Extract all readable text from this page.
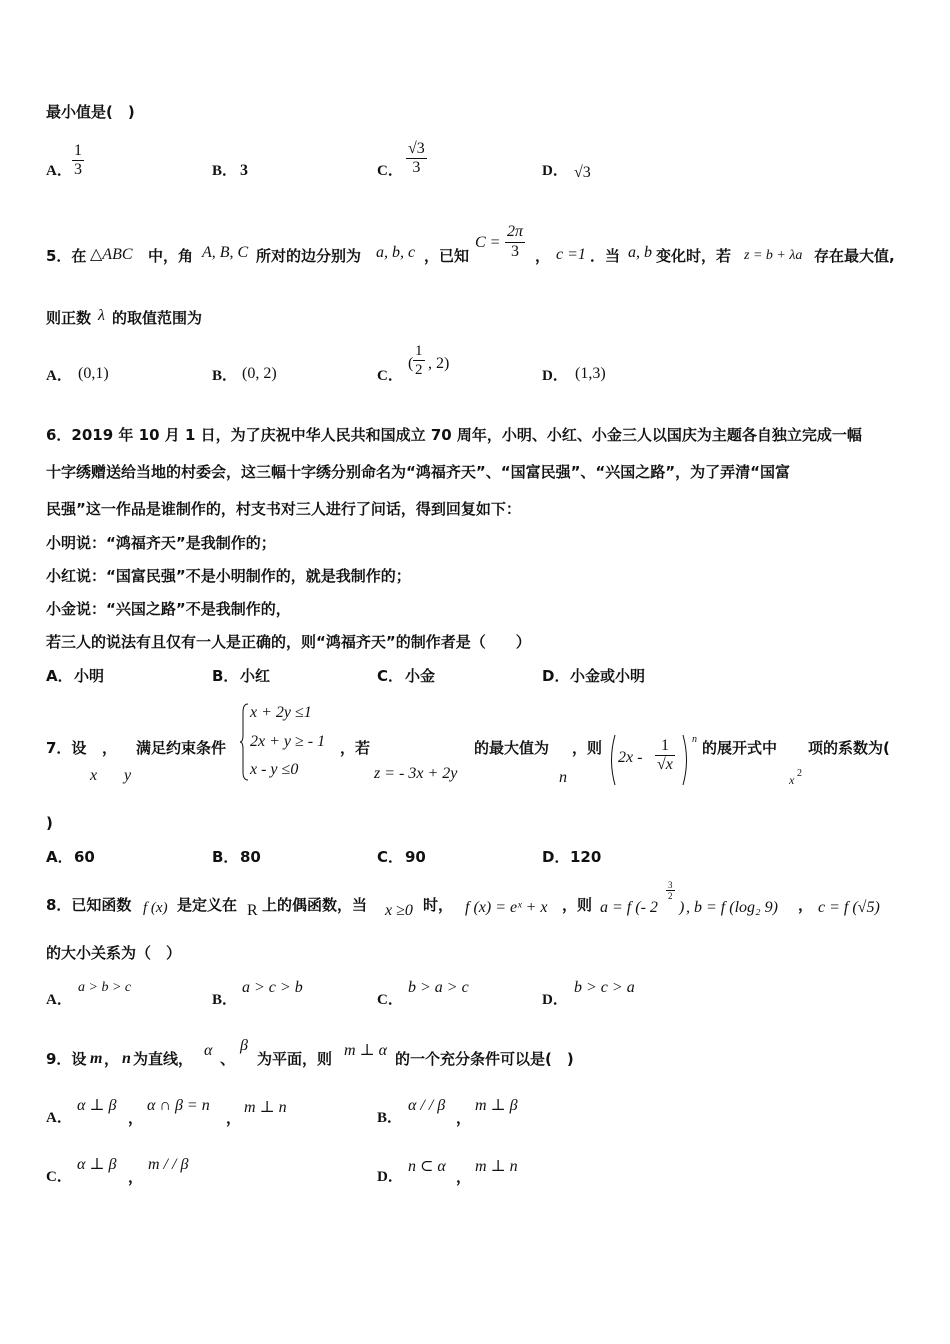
最小值是(　)
A． $\frac{1}{3}$	B． 3	C． $\frac{√3}{3}$	D． √3
5．在 △ABC 中，角 A, B, C 所对的边分别为 a, b, c ，已知
$C = \frac{2\pi}{3}$ ， c =1 ．当 a, b 变化时，若 z = b + λa 存在最大值,
则正数 λ 的取值范围为
A． (0,1)	B． (0, 2)	C．
( $\frac{1}{2}$ , 2)
D． (1,3)
6．2019 年 10 月 1 日，为了庆祝中华人民共和国成立 70 周年，小明、小红、小金三人以国庆为主题各自独立完成一幅
十字绣赠送给当地的村委会，这三幅十字绣分别命名为“鸿福齐天”、“国富民强”、“兴国之路”，为了弄清“国富
民强”这一作品是谁制作的，村支书对三人进行了问话，得到回复如下：
小明说：“鸿福齐天”是我制作的；
小红说：“国富民强”不是小明制作的，就是我制作的；
小金说：“兴国之路”不是我制作的，
若三人的说法有且仅有一人是正确的，则“鸿福齐天”的制作者是（　　）
A． 小明	B． 小红	C． 小金	D． 小金或小明
7．设 ， 满足约束条件
x y
x + 2y ≤1
2x + y ≥ - 1
x - y ≤0
，若
z = - 3x + 2y
的最大值为 ，则
n
$2x - \frac{1}{√x}$ n 的展开式中
x 2
项的系数为(
)
A． 60	B． 80	C． 90	D． 120
8．已知函数 f (x) 是定义在 R 上的偶函数，当 x ≥0 时， f (x) = eˣ + x ，则 a = f (- 2
$\frac{3}{2}$
) , b = f (log₂ 9) ， c = f (√5)
的大小关系为（　）
A．
a > b > c
B．
a > c > b
C．
b > a > c
D．
b > c > a
9．设 m ， n 为直线， α 、
β
为平面，则 m ⊥ α 的一个充分条件可以是(　)
A．
α ⊥ β
，
α ∩ β = n
，
m ⊥ n
B．
α / / β
，
m ⊥ β
C．
α ⊥ β
，
m / / β
D．
n ⊂ α
，
m ⊥ n
